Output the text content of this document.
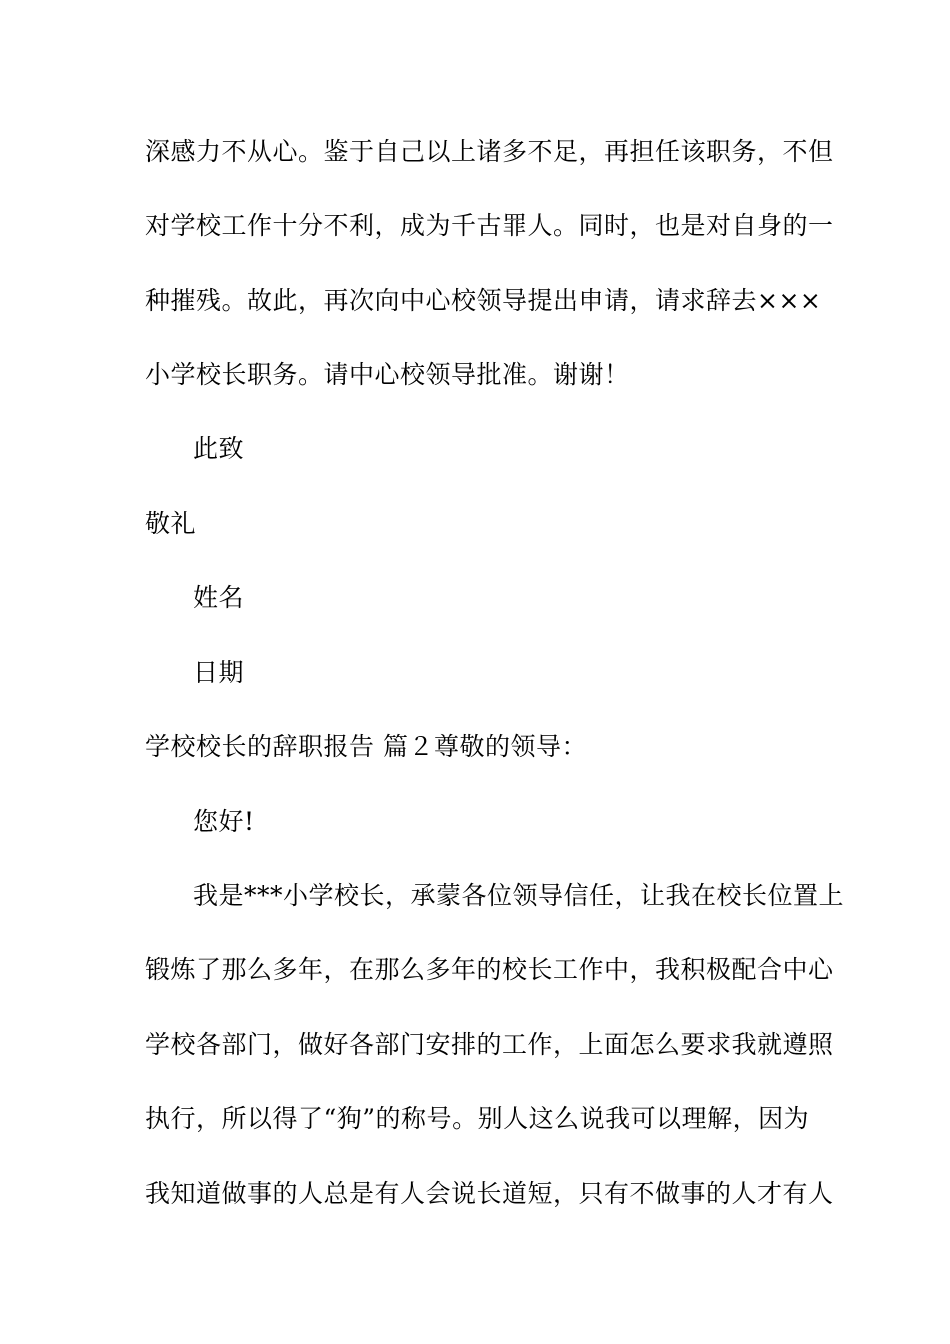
深感力不从心。鉴于自己以上诸多不足，再担任该职务，不但
对学校工作十分不利，成为千古罪人。同时，也是对自身的一
种摧残。故此，再次向中心校领导提出申请，请求辞去×××
小学校长职务。请中心校领导批准。谢谢！
此致
敬礼
姓名
日期
学校校长的辞职报告 篇２尊敬的领导：
您好!
我是***小学校长，承蒙各位领导信任，让我在校长位置上
锻炼了那么多年，在那么多年的校长工作中，我积极配合中心
学校各部门，做好各部门安排的工作，上面怎么要求我就遵照
执行，所以得了“狗”的称号。别人这么说我可以理解，因为
我知道做事的人总是有人会说长道短，只有不做事的人才有人
